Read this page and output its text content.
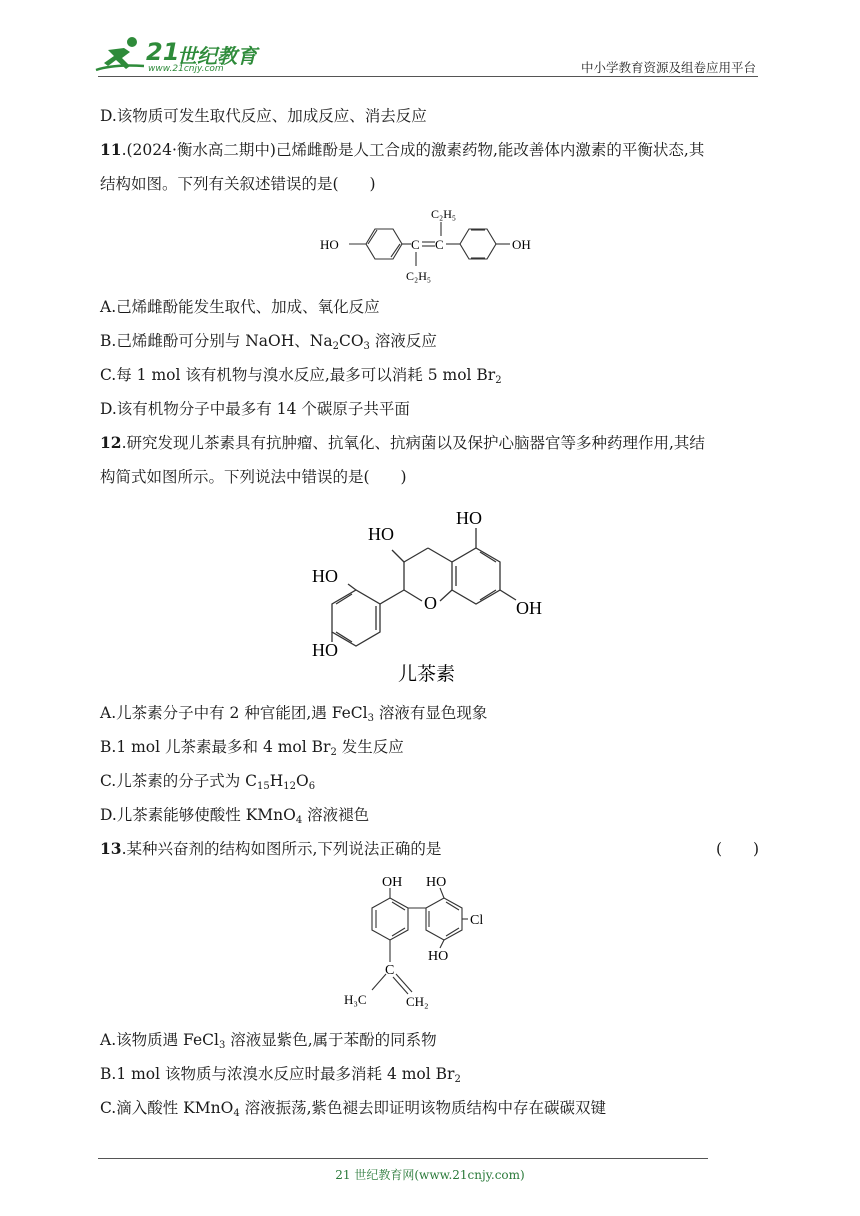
21
世纪教育
www.21cnjy.com	中小学教育资源及组卷应用平台
D.该物质可发生取代反应、加成反应、消去反应
11.(2024·衡水高二期中)己烯雌酚是人工合成的激素药物,能改善体内激素的平衡状态,其
结构如图。下列有关叙述错误的是(　　)
HO	C C
C₂H₅
C₂H₅
OH
A.己烯雌酚能发生取代、加成、氧化反应
B.己烯雌酚可分别与 NaOH、$Na_2CO_3$ 溶液反应
C.每 1 mol 该有机物与溴水反应,最多可以消耗 5 mol $Br_2$
D.该有机物分子中最多有 14 个碳原子共平面
12.研究发现儿茶素具有抗肿瘤、抗氧化、抗病菌以及保护心脑器官等多种药理作用,其结
构简式如图所示。下列说法中错误的是(　　)
HO
HO
O	OH
HO
HO
儿茶素
A.儿茶素分子中有 2 种官能团,遇 FeCl$_3$ 溶液有显色现象
B.1 mol 儿茶素最多和 4 mol $Br_2$ 发生反应
C.儿茶素的分子式为 $C_{15}H_{12}O_6$
D.儿茶素能够使酸性 KMnO$_4$ 溶液褪色
13.某种兴奋剂的结构如图所示,下列说法正确的是	(　　)
OH HO
Cl
HO
C
H₃C	CH₂
A.该物质遇 FeCl$_3$ 溶液显紫色,属于苯酚的同系物
B.1 mol 该物质与浓溴水反应时最多消耗 4 mol $Br_2$
C.滴入酸性 KMnO$_4$ 溶液振荡,紫色褪去即证明该物质结构中存在碳碳双键
21 世纪教育网(www.21cnjy.com)
